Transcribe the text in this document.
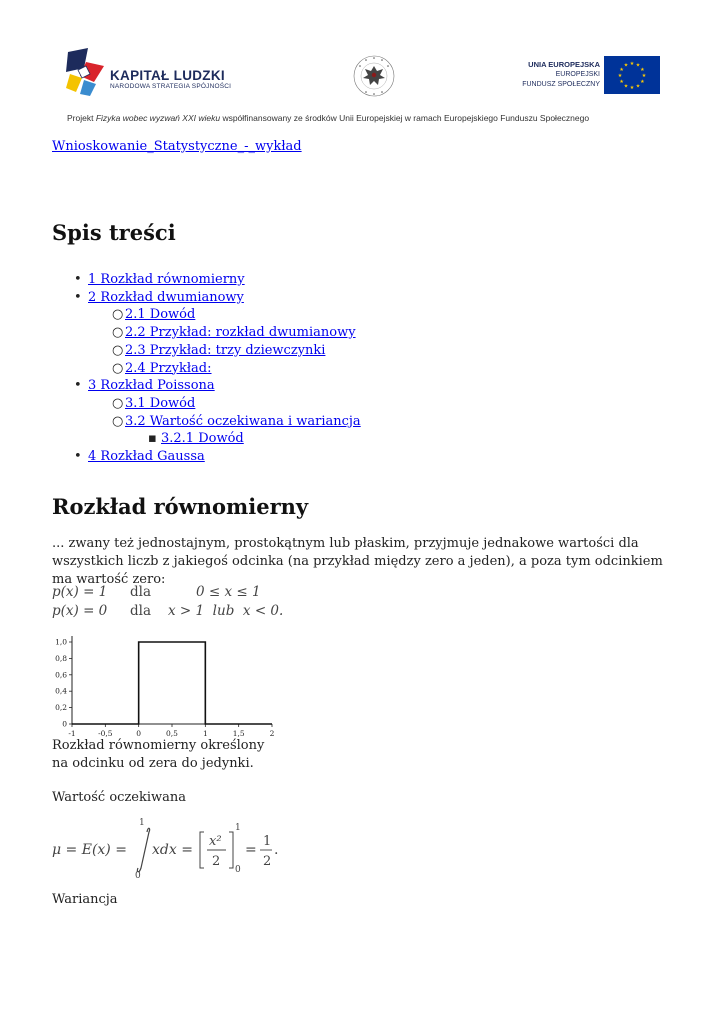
KAPITAŁ LUDZKI
NARODOWA STRATEGIA SPÓJNOŚCI
UNIA EUROPEJSKA
EUROPEJSKI
FUNDUSZ SPOŁECZNY
★ ★
★
★
★
★
★
★
★
★
★
★
Projekt Fizyka wobec wyzwań XXI wieku współfinansowany ze środków Unii Europejskiej w ramach Europejskiego Funduszu Społecznego
Wnioskowanie_Statystyczne_-_wykład
Spis treści
• 1 Rozkład równomierny
• 2 Rozkład dwumianowy
○ 2.1 Dowód
○ 2.2 Przykład: rozkład dwumianowy
○ 2.3 Przykład: trzy dziewczynki
○ 2.4 Przykład:
• 3 Rozkład Poissona
○ 3.1 Dowód
○ 3.2 Wartość oczekiwana i wariancja
▪ 3.2.1 Dowód
• 4 Rozkład Gaussa
Rozkład równomierny

... zwany też jednostajnym, prostokątnym lub płaskim, przyjmuje jednakowe wartości dla wszystkich liczb z jakiegoś odcinka (na przykład między zero a jeden), a poza tym odcinkiem ma wartość zero:

p(x) = 1 dla	0 ≤ x ≤ 1
p(x) = 0 dla x > 1  lub  x < 0.
-1	-0,5	0	0,5	1	1,5	2
0
0,2
0,4
0,6
0,8
1,0

Rozkład równomierny określony na odcinku od zera do jedynki.

Wartość oczekiwana

μ = E(x) =
1
0
xdx =
x²
2
1
0
=
1
2
.

Wariancja
